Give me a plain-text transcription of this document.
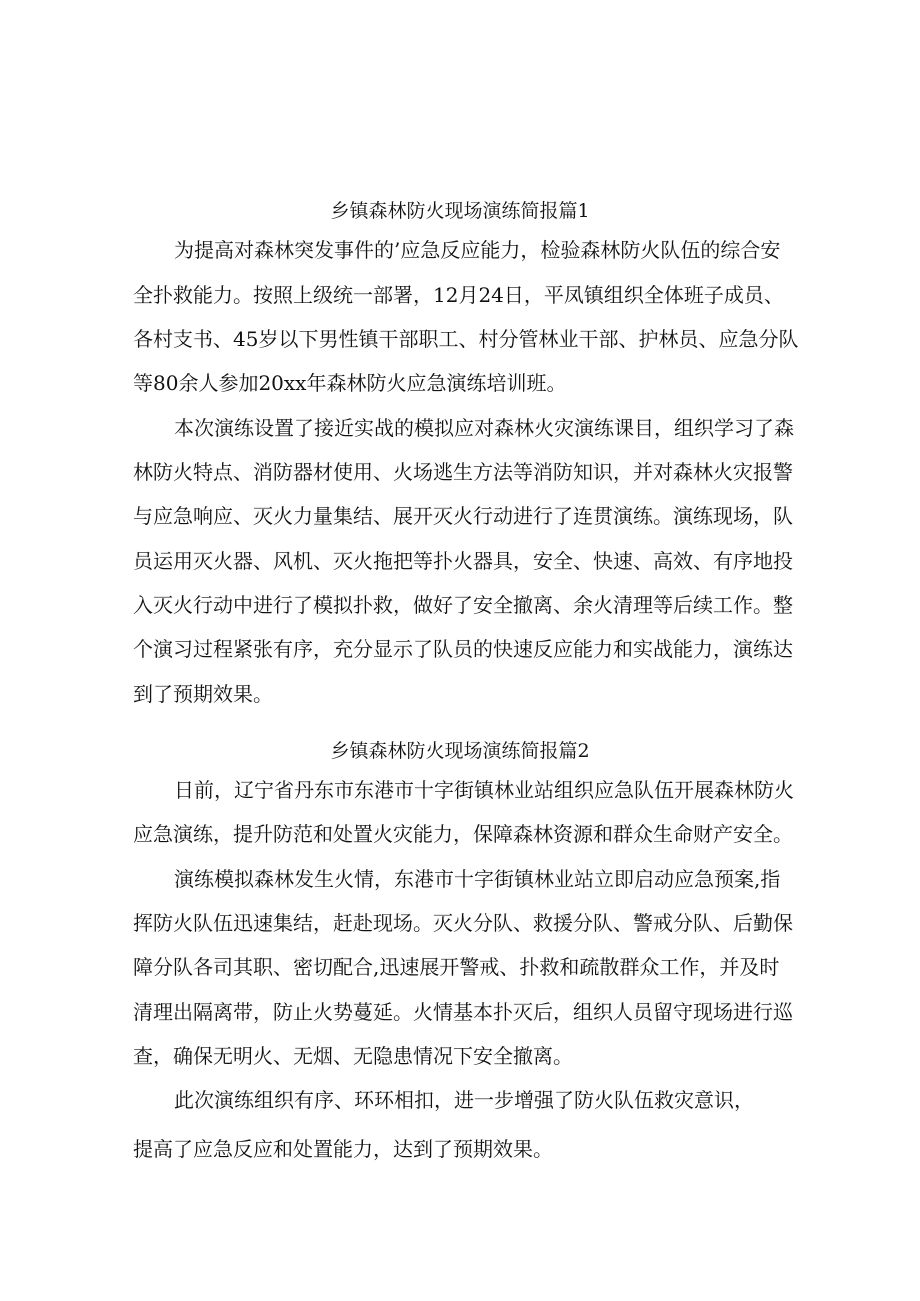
乡镇森林防火现场演练简报篇1
为提高对森林突发事件的’应急反应能力，检验森林防火队伍的综合安
全扑救能力。按照上级统一部署，12月24日，平凤镇组织全体班子成员、
各村支书、45岁以下男性镇干部职工、村分管林业干部、护林员、应急分队
等80余人参加20xx年森林防火应急演练培训班。
本次演练设置了接近实战的模拟应对森林火灾演练课目，组织学习了森
林防火特点、消防器材使用、火场逃生方法等消防知识，并对森林火灾报警
与应急响应、灭火力量集结、展开灭火行动进行了连贯演练。演练现场，队
员运用灭火器、风机、灭火拖把等扑火器具，安全、快速、高效、有序地投
入灭火行动中进行了模拟扑救，做好了安全撤离、余火清理等后续工作。整
个演习过程紧张有序，充分显示了队员的快速反应能力和实战能力，演练达
到了预期效果。
乡镇森林防火现场演练简报篇2
日前，辽宁省丹东市东港市十字街镇林业站组织应急队伍开展森林防火
应急演练，提升防范和处置火灾能力，保障森林资源和群众生命财产安全。
演练模拟森林发生火情，东港市十字街镇林业站立即启动应急预案,指
挥防火队伍迅速集结，赶赴现场。灭火分队、救援分队、警戒分队、后勤保
障分队各司其职、密切配合,迅速展开警戒、扑救和疏散群众工作，并及时
清理出隔离带，防止火势蔓延。火情基本扑灭后，组织人员留守现场进行巡
查，确保无明火、无烟、无隐患情况下安全撤离。
此次演练组织有序、环环相扣，进一步增强了防火队伍救灾意识，
提高了应急反应和处置能力，达到了预期效果。
